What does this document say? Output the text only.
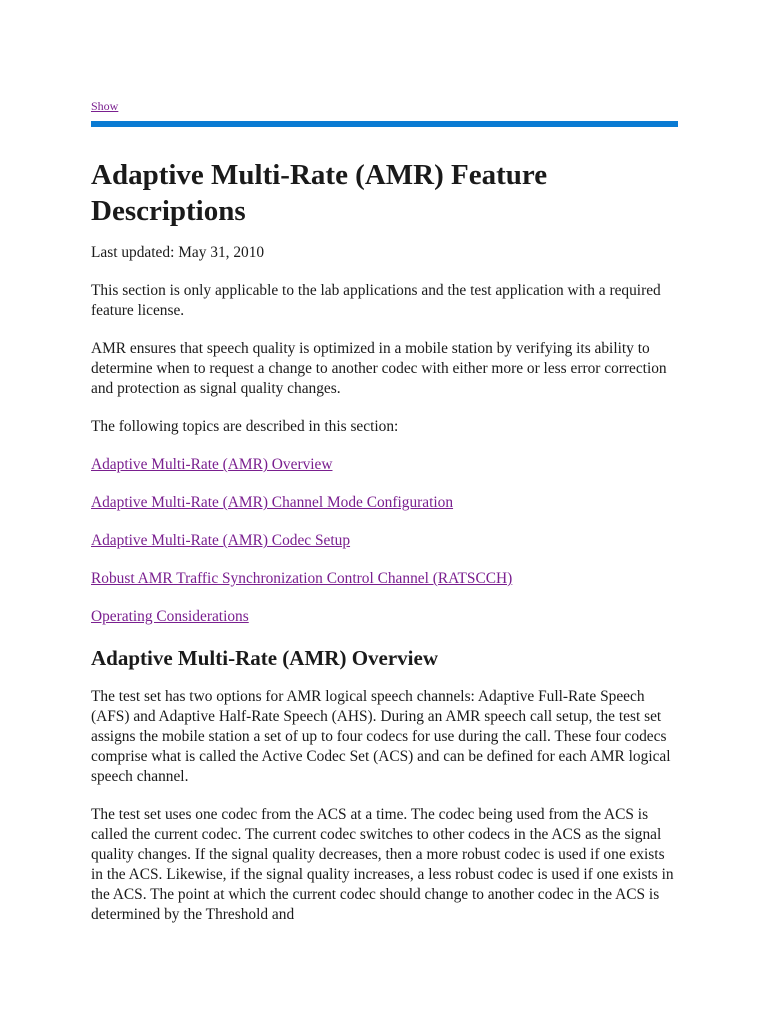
Show
Adaptive Multi-Rate (AMR) Feature Descriptions

Last updated: May 31, 2010

This section is only applicable to the lab applications and the test application with a required feature license.

AMR ensures that speech quality is optimized in a mobile station by verifying its ability to determine when to request a change to another codec with either more or less error correction and protection as signal quality changes.

The following topics are described in this section:

Adaptive Multi-Rate (AMR) Overview
Adaptive Multi-Rate (AMR) Channel Mode Configuration
Adaptive Multi-Rate (AMR) Codec Setup
Robust AMR Traffic Synchronization Control Channel (RATSCCH)
Operating Considerations
Adaptive Multi-Rate (AMR) Overview

The test set has two options for AMR logical speech channels: Adaptive Full-Rate Speech (AFS) and Adaptive Half-Rate Speech (AHS). During an AMR speech call setup, the test set assigns the mobile station a set of up to four codecs for use during the call. These four codecs comprise what is called the Active Codec Set (ACS) and can be defined for each AMR logical speech channel.

The test set uses one codec from the ACS at a time. The codec being used from the ACS is called the current codec. The current codec switches to other codecs in the ACS as the signal quality changes. If the signal quality decreases, then a more robust codec is used if one exists in the ACS. Likewise, if the signal quality increases, a less robust codec is used if one exists in the ACS. The point at which the current codec should change to another codec in the ACS is determined by the Threshold and
